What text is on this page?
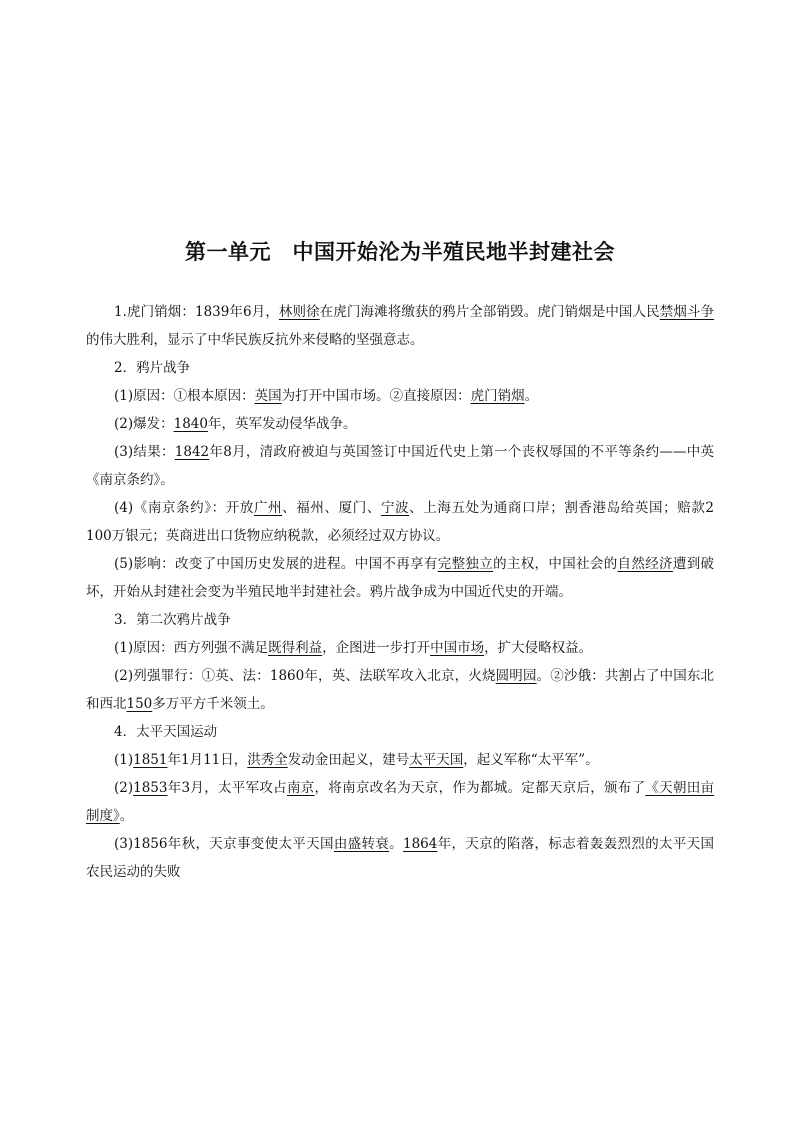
第一单元　中国开始沦为半殖民地半封建社会

1.虎门销烟：1839年6月，林则徐在虎门海滩将缴获的鸦片全部销毁。虎门销烟是中国人民禁烟斗争的伟大胜利，显示了中华民族反抗外来侵略的坚强意志。

2．鸦片战争

(1)原因：①根本原因：英国为打开中国市场。②直接原因：虎门销烟。

(2)爆发：1840年，英军发动侵华战争。

(3)结果：1842年8月，清政府被迫与英国签订中国近代史上第一个丧权辱国的不平等条约——中英《南京条约》。

(4)《南京条约》：开放广州、福州、厦门、宁波、上海五处为通商口岸；割香港岛给英国；赔款2 100万银元；英商进出口货物应纳税款，必须经过双方协议。

(5)影响：改变了中国历史发展的进程。中国不再享有完整独立的主权，中国社会的自然经济遭到破坏，开始从封建社会变为半殖民地半封建社会。鸦片战争成为中国近代史的开端。

3．第二次鸦片战争

(1)原因：西方列强不满足既得利益，企图进一步打开中国市场，扩大侵略权益。

(2)列强罪行：①英、法：1860年，英、法联军攻入北京，火烧圆明园。②沙俄：共割占了中国东北和西北150多万平方千米领土。

4．太平天国运动

(1)1851年1月11日，洪秀全发动金田起义，建号太平天国，起义军称“太平军”。

(2)1853年3月，太平军攻占南京，将南京改名为天京，作为都城。定都天京后，颁布了《天朝田亩制度》。

(3)1856年秋，天京事变使太平天国由盛转衰。1864年，天京的陷落，标志着轰轰烈烈的太平天国农民运动的失败
